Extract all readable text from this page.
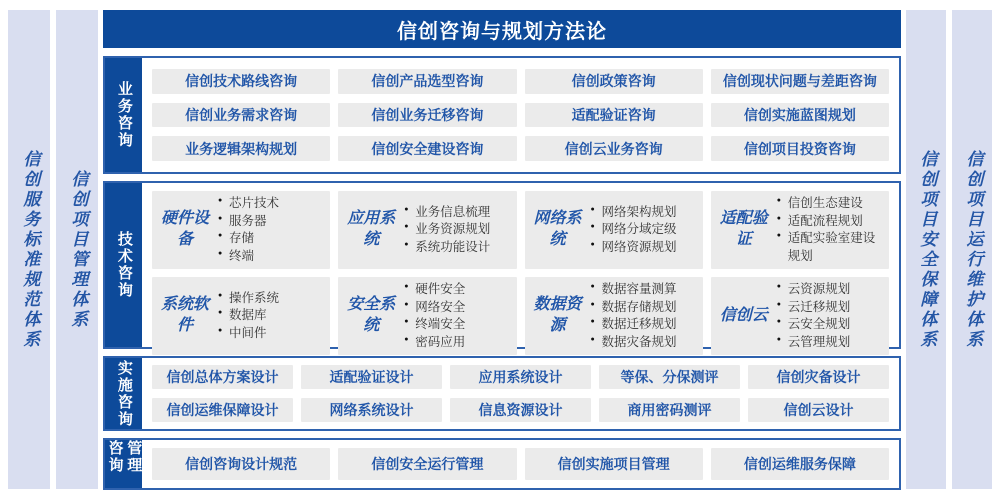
信创服务标准规范体系 信创项目管理体系
信创咨询与规划方法论
业务咨询	信创技术路线咨询	信创产品选型咨询	信创政策咨询	信创现状问题与差距咨询
信创业务需求咨询	信创业务迁移咨询	适配验证咨询	信创实施蓝图规划
业务逻辑架构规划	信创安全建设咨询	信创云业务咨询	信创项目投资咨询
技术咨询
硬件设备
● 芯片技术
● 服务器
● 存储
● 终端
应用系统
● 业务信息梳理
● 业务资源规划
● 系统功能设计
网络系统
● 网络架构规划
● 网络分域定级
● 网络资源规划
适配验证
● 信创生态建设
● 适配流程规划
● 适配实验室建设规划
系统软件
● 操作系统
● 数据库
● 中间件
安全系统
● 硬件安全
● 网络安全
● 终端安全
● 密码应用
数据资源
● 数据容量测算
● 数据存储规划
● 数据迁移规划
● 数据灾备规划
信创云
● 云资源规划
● 云迁移规划
● 云安全规划
● 云管理规划
实施咨询	信创总体方案设计	适配验证设计	应用系统设计	等保、分保测评	信创灾备设计
信创运维保障设计	网络系统设计	信息资源设计	商用密码测评	信创云设计
咨询管理	信创咨询设计规范	信创安全运行管理	信创实施项目管理	信创运维服务保障
信创项目安全保障体系 信创项目运行维护体系
